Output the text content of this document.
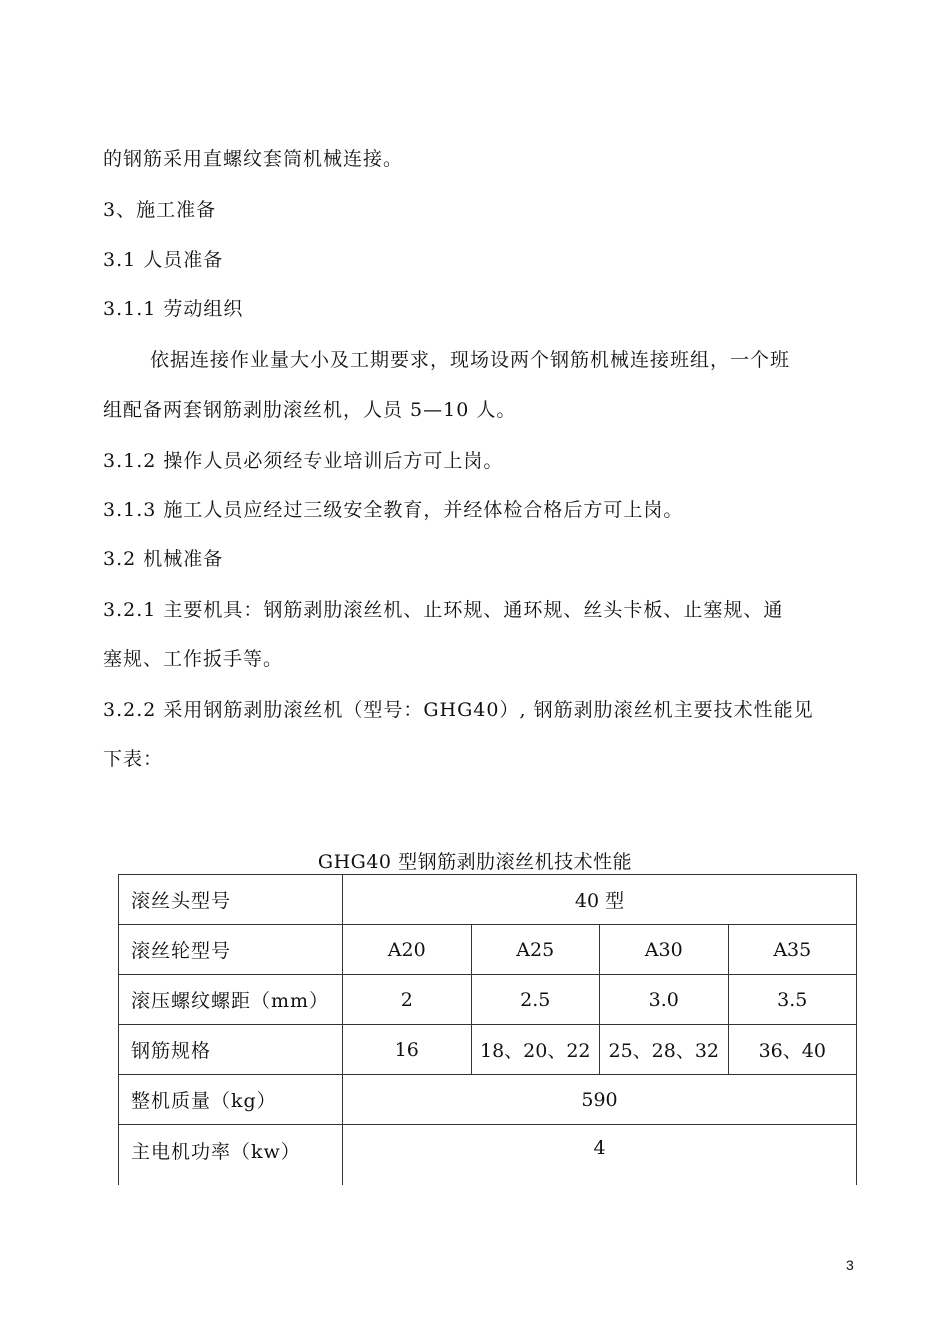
的钢筋采用直螺纹套筒机械连接。
3、施工准备
3.1 人员准备
3.1.1 劳动组织
依据连接作业量大小及工期要求，现场设两个钢筋机械连接班组，一个班
组配备两套钢筋剥肋滚丝机，人员 5—10 人。
3.1.2 操作人员必须经专业培训后方可上岗。
3.1.3 施工人员应经过三级安全教育，并经体检合格后方可上岗。
3.2 机械准备
3.2.1 主要机具：钢筋剥肋滚丝机、止环规、通环规、丝头卡板、止塞规、通
塞规、工作扳手等。
3.2.2 采用钢筋剥肋滚丝机（型号：GHG40）, 钢筋剥肋滚丝机主要技术性能见
下表：
GHG40 型钢筋剥肋滚丝机技术性能
滚丝头型号	40 型			
滚丝轮型号	A20	A25	A30	A35
滚压螺纹螺距（mm）	2	2.5	3.0	3.5
钢筋规格	16	18、20、22	25、28、32	36、40
整机质量（kg）	590			
主电机功率（kw）	4			
3
